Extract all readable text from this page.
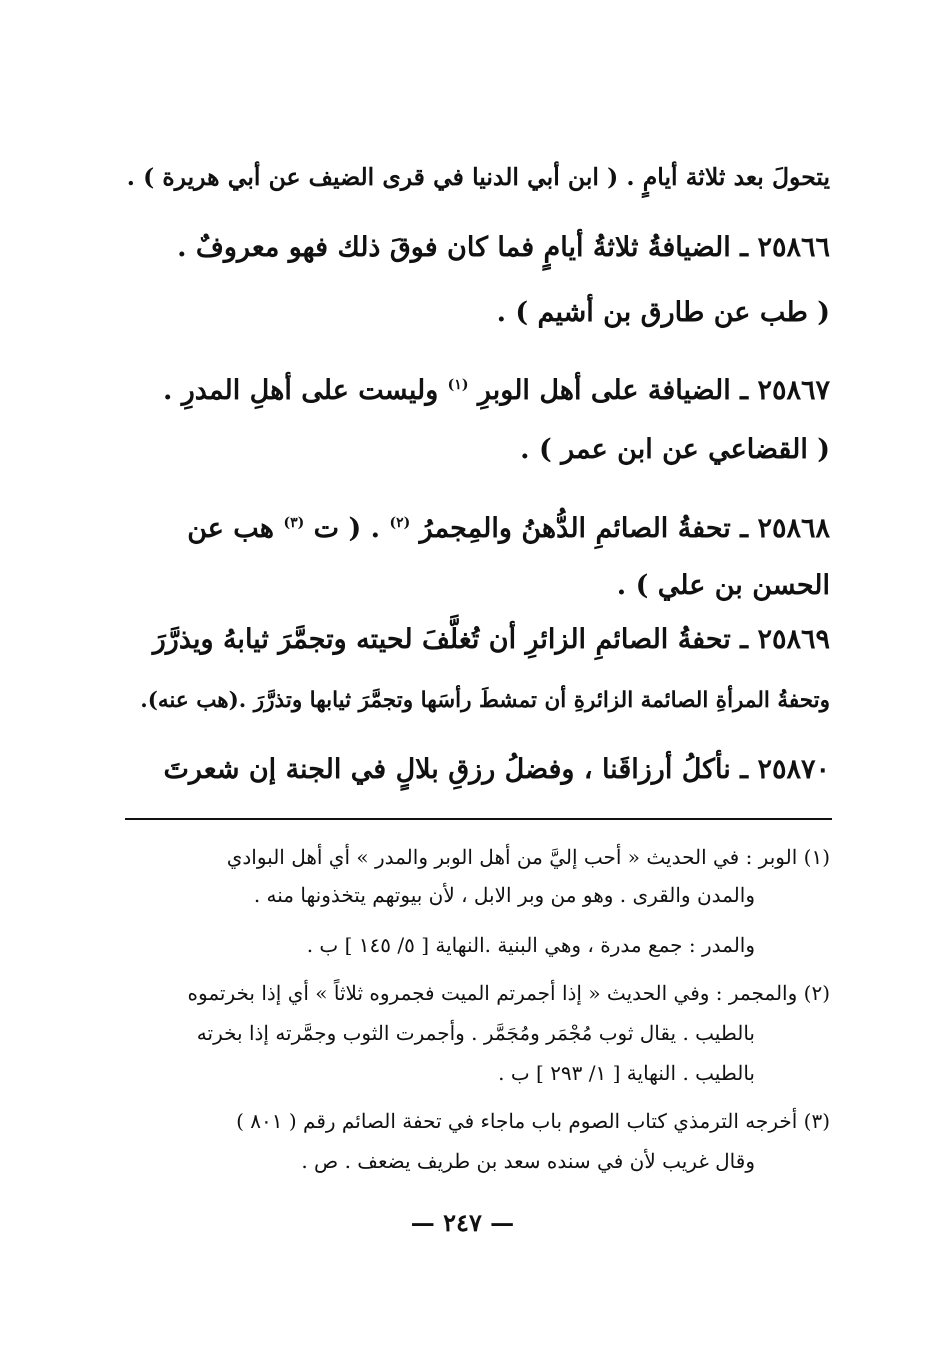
يتحولَ بعد ثلاثة أيامٍ . ( ابن أبي الدنيا في قرى الضيف عن أبي هريرة ) .
٢٥٨٦٦ ـ الضيافةُ ثلاثةُ أيامٍ فما كان فوقَ ذلك فهو معروفٌ .
( طب عن طارق بن أشيم ) .
٢٥٨٦٧ ـ الضيافة على أهل الوبرِ $^{(١)}$ وليست على أهلِ المدرِ .
( القضاعي عن ابن عمر ) .
٢٥٨٦٨ ـ تحفةُ الصائمِ الدُّهنُ والمِجمرُ $^{(٢)}$ . ( ت $^{(٣)}$ هب عن
الحسن بن علي ) .
٢٥٨٦٩ ـ تحفةُ الصائمِ الزائرِ أن تُغلَّفَ لحيته وتجمَّرَ ثيابهُ ويذرَّرَ
وتحفةُ المرأةِ الصائمة الزائرةِ أن تمشطَ رأسَها وتجمَّرَ ثيابها وتذرَّرَ .(هب عنه).
٢٥٨٧٠ ـ نأكلُ أرزاقَنا ، وفضلُ رزقِ بلالٍ في الجنة إن شعرتَ
(١) الوبر : في الحديث « أحب إليَّ من أهل الوبر والمدر » أي أهل البوادي
والمدن والقرى . وهو من وبر الابل ، لأن بيوتهم يتخذونها منه .
والمدر : جمع مدرة ، وهي البنية .النهاية [ ٥/ ١٤٥ ] ب .
(٢) والمجمر : وفي الحديث « إذا أجمرتم الميت فجمروه ثلاثاً » أي إذا بخرتموه
بالطيب . يقال ثوب مُجْمَر ومُجَمَّر . وأجمرت الثوب وجمَّرته إذا بخرته
بالطيب . النهاية [ ١/ ٢٩٣ ] ب .
(٣) أخرجه الترمذي كتاب الصوم باب ماجاء في تحفة الصائم رقم ( ٨٠١ )
وقال غريب لأن في سنده سعد بن طريف يضعف . ص .
— ٢٤٧ —
